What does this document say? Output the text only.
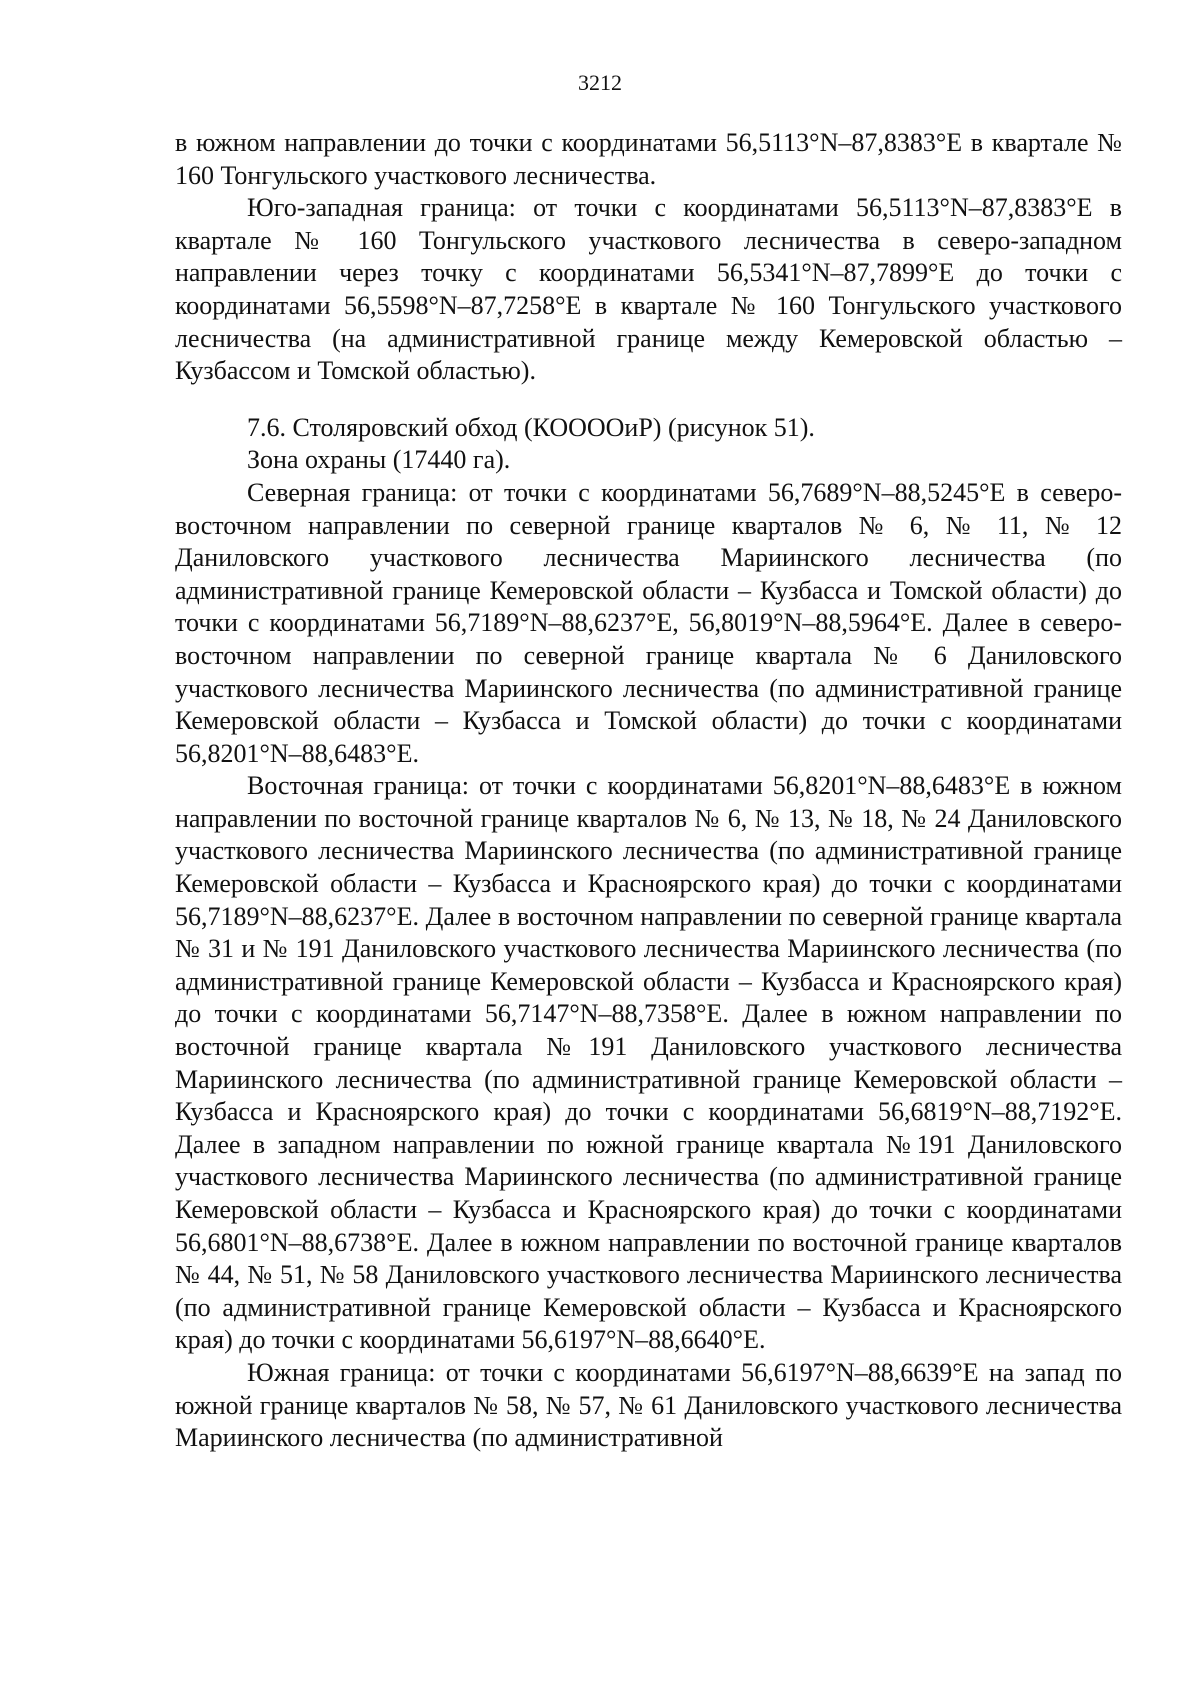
3212

в южном направлении до точки с координатами 56,5113°N–87,8383°E в квартале № 160 Тонгульского участкового лесничества.

Юго-западная граница: от точки с координатами 56,5113°N–87,8383°E в квартале № 160 Тонгульского участкового лесничества в северо-западном направлении через точку с координатами 56,5341°N–87,7899°E до точки с координатами 56,5598°N–87,7258°E в квартале № 160 Тонгульского участкового лесничества (на административной границе между Кемеровской областью – Кузбассом и Томской областью).

7.6. Столяровский обход (КОООOиР) (рисунок 51).

Зона охраны (17440 га).

Северная граница: от точки с координатами 56,7689°N–88,5245°E в северо-восточном направлении по северной границе кварталов № 6, № 11, № 12 Даниловского участкового лесничества Мариинского лесничества (по административной границе Кемеровской области – Кузбасса и Томской области) до точки с координатами 56,7189°N–88,6237°E, 56,8019°N–88,5964°E. Далее в северо-восточном направлении по северной границе квартала № 6 Даниловского участкового лесничества Мариинского лесничества (по административной границе Кемеровской области – Кузбасса и Томской области) до точки с координатами 56,8201°N–88,6483°E.

Восточная граница: от точки с координатами 56,8201°N–88,6483°E в южном направлении по восточной границе кварталов № 6, № 13, № 18, № 24 Даниловского участкового лесничества Мариинского лесничества (по административной границе Кемеровской области – Кузбасса и Красноярского края) до точки с координатами 56,7189°N–88,6237°E. Далее в восточном направлении по северной границе квартала № 31 и № 191 Даниловского участкового лесничества Мариинского лесничества (по административной границе Кемеровской области – Кузбасса и Красноярского края) до точки с координатами 56,7147°N–88,7358°E. Далее в южном направлении по восточной границе квартала №191 Даниловского участкового лесничества Мариинского лесничества (по административной границе Кемеровской области – Кузбасса и Красноярского края) до точки с координатами 56,6819°N–88,7192°E. Далее в западном направлении по южной границе квартала №191 Даниловского участкового лесничества Мариинского лесничества (по административной границе Кемеровской области – Кузбасса и Красноярского края) до точки с координатами 56,6801°N–88,6738°E. Далее в южном направлении по восточной границе кварталов № 44, № 51, № 58 Даниловского участкового лесничества Мариинского лесничества (по административной границе Кемеровской области – Кузбасса и Красноярского края) до точки с координатами 56,6197°N–88,6640°E.

Южная граница: от точки с координатами 56,6197°N–88,6639°E на запад по южной границе кварталов № 58, № 57, № 61 Даниловского участкового лесничества Мариинского лесничества (по административной
